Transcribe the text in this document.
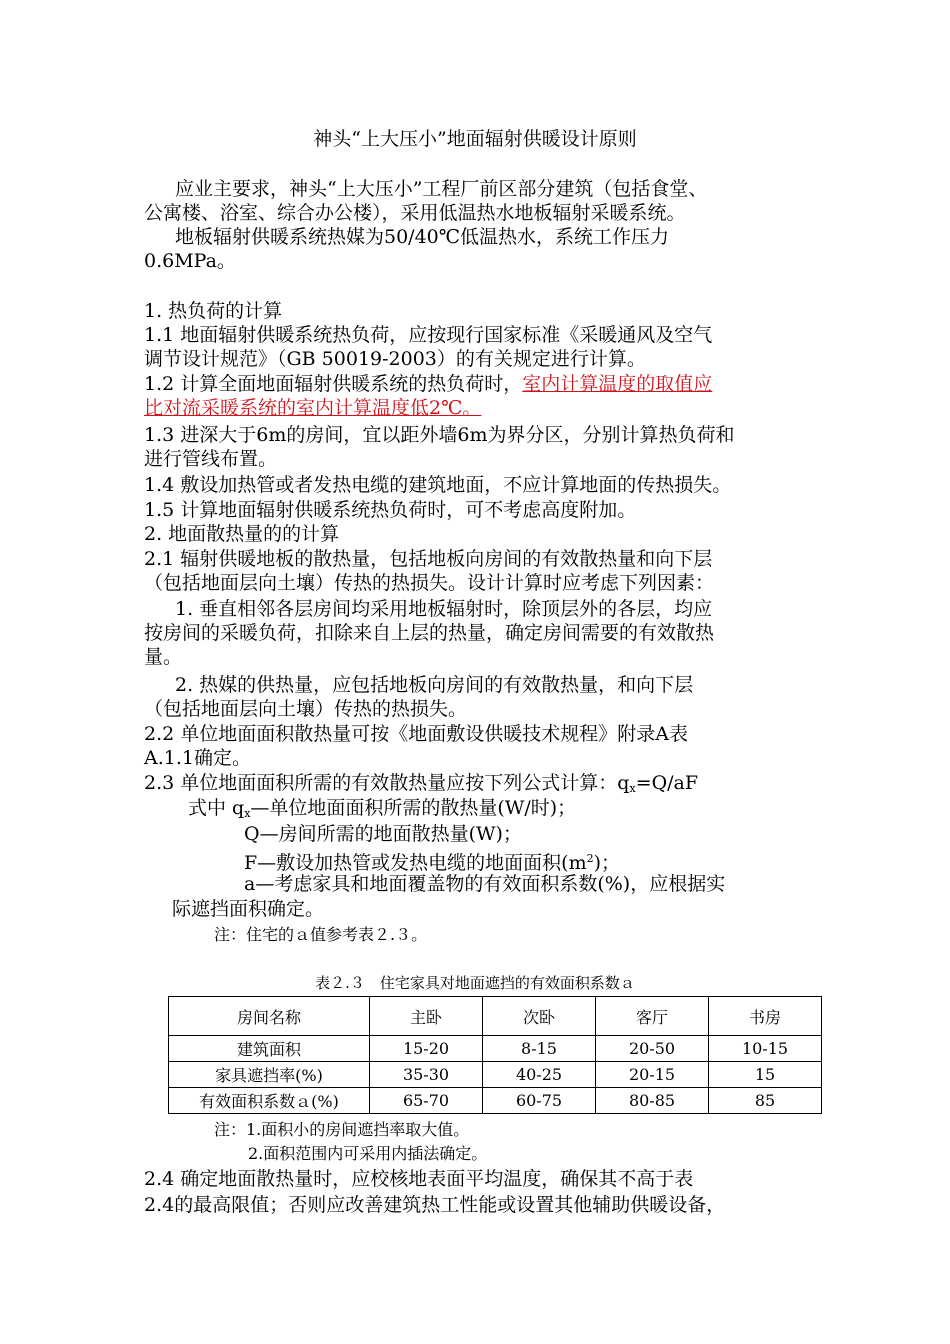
神头“上大压小”地面辐射供暖设计原则
应业主要求，神头“上大压小”工程厂前区部分建筑（包括食堂、
公寓楼、浴室、综合办公楼），采用低温热水地板辐射采暖系统。
地板辐射供暖系统热媒为50/40℃低温热水，系统工作压力
0.6MPa。
1. 热负荷的计算
1.1 地面辐射供暖系统热负荷，应按现行国家标准《采暖通风及空气
调节设计规范》（GB 50019-2003）的有关规定进行计算。
1.2 计算全面地面辐射供暖系统的热负荷时，室内计算温度的取值应
比对流采暖系统的室内计算温度低2℃。
1.3 进深大于6m的房间，宜以距外墙6m为界分区，分别计算热负荷和
进行管线布置。
1.4 敷设加热管或者发热电缆的建筑地面，不应计算地面的传热损失。
1.5 计算地面辐射供暖系统热负荷时，可不考虑高度附加。
2. 地面散热量的的计算
2.1 辐射供暖地板的散热量，包括地板向房间的有效散热量和向下层
（包括地面层向土壤）传热的热损失。设计计算时应考虑下列因素：
1. 垂直相邻各层房间均采用地板辐射时，除顶层外的各层，均应
按房间的采暖负荷，扣除来自上层的热量，确定房间需要的有效散热
量。
2. 热媒的供热量，应包括地板向房间的有效散热量，和向下层
（包括地面层向土壤）传热的热损失。
2.2 单位地面面积散热量可按《地面敷设供暖技术规程》附录A表
A.1.1确定。
2.3 单位地面面积所需的有效散热量应按下列公式计算：$q_x=Q/aF$
式中 $q_x—$单位地面面积所需的散热量(W/时)；
Q—房间所需的地面散热量(W)；
F—敷设加热管或发热电缆的地面面积$(m^2)$；
a—考虑家具和地面覆盖物的有效面积系数(%)，应根据实
际遮挡面积确定。
注：住宅的ａ值参考表２.３。
表２.３　住宅家具对地面遮挡的有效面积系数ａ
房间名称	主卧	次卧	客厅	书房
建筑面积	15-20	8-15	20-50	10-15
家具遮挡率(%)	35-30	40-25	20-15	15
有效面积系数ａ(%)	65-70	60-75	80-85	85
注：1.面积小的房间遮挡率取大值。
2.面积范围内可采用内插法确定。
2.4 确定地面散热量时，应校核地表面平均温度，确保其不高于表
2.4的最高限值；否则应改善建筑热工性能或设置其他辅助供暖设备，
